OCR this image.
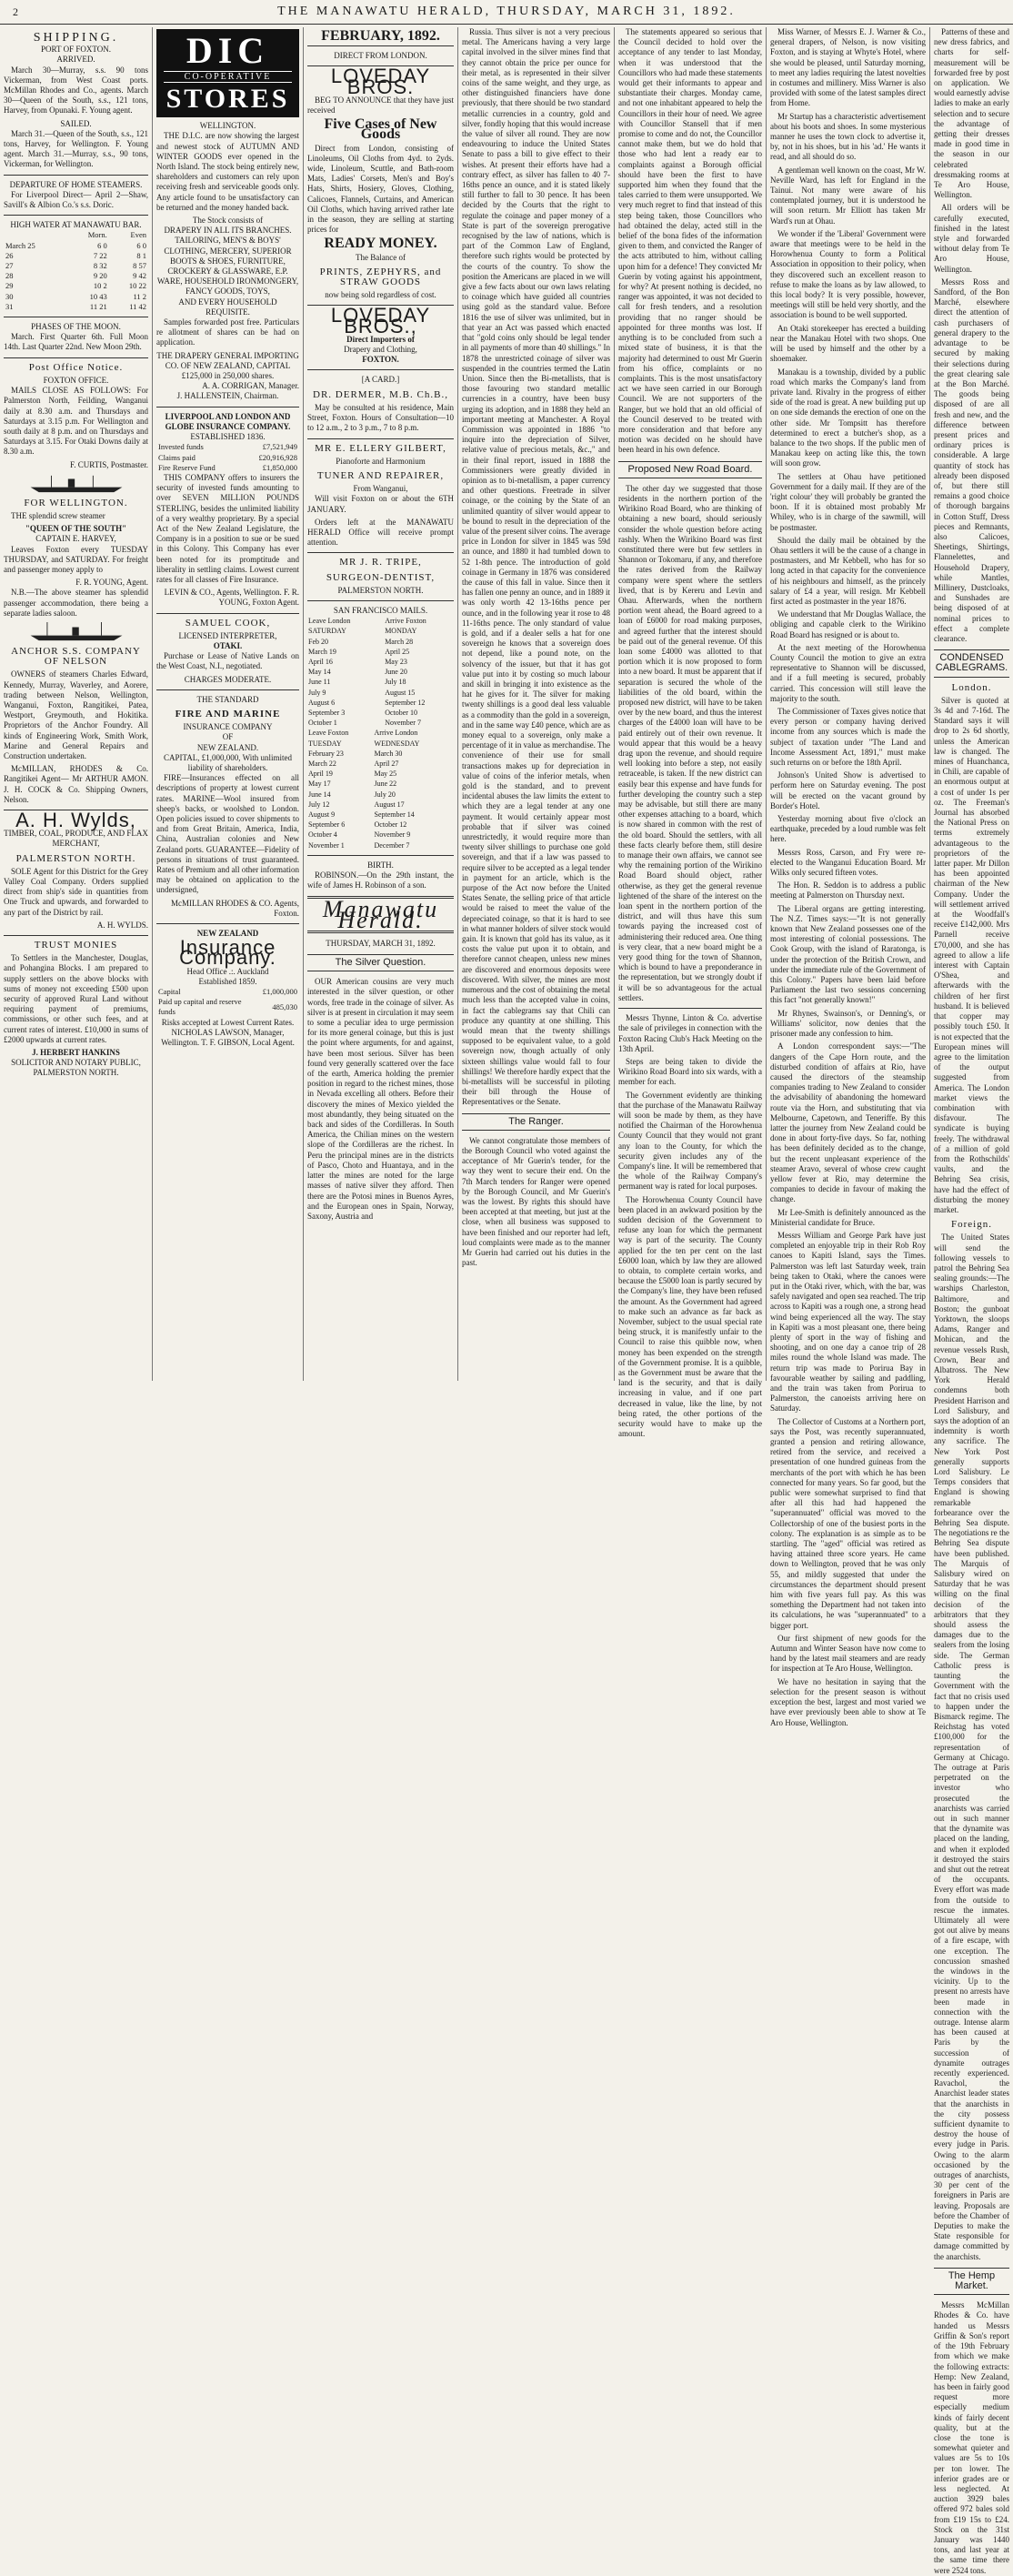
2	THE MANAWATU HERALD, THURSDAY, MARCH 31, 1892.
SHIPPING.
PORT OF FOXTON.
ARRIVED.

March 30—Murray, s.s. 90 tons Vickerman, from West Coast ports. McMillan Rhodes and Co., agents. March 30—Queen of the South, s.s., 121 tons, Harvey, from Opunaki. F. Young agent.

SAILED.

March 31.—Queen of the South, s.s., 121 tons, Harvey, for Wellington. F. Young agent. March 31.—Murray, s.s., 90 tons, Vickerman, for Wellington.

DEPARTURE OF HOME STEAMERS.

For Liverpool Direct— April 2—Shaw, Savill's & Albion Co.'s s.s. Doric.

HIGH WATER AT MANAWATU BAR.
	Morn.	Even
March 25	6 0	6 0
26	7 22	8 1
27	8 32	8 57
28	9 20	9 42
29	10 2	10 22
30	10 43	11 2
31	11 21	11 42
PHASES OF THE MOON.

March. First Quarter 6th. Full Moon 14th. Last Quarter 22nd. New Moon 29th.

Post Office Notice.
FOXTON OFFICE.

MAILS CLOSE AS FOLLOWS: For Palmerston North, Feilding, Wanganui daily at 8.30 a.m. and Thursdays and Saturdays at 3.15 p.m. For Wellington and south daily at 8 p.m. and on Thursdays and Saturdays at 3.15. For Otaki Downs daily at 8.30 a.m.

F. CURTIS, Postmaster.
FOR WELLINGTON.

THE splendid screw steamer

"QUEEN OF THE SOUTH"
CAPTAIN E. HARVEY,

Leaves Foxton every TUESDAY THURSDAY, and SATURDAY. For freight and passenger money apply to

F. R. YOUNG, Agent.

N.B.—The above steamer has splendid passenger accommodation, there being a separate ladies saloon.

ANCHOR S.S. COMPANY OF NELSON

OWNERS of steamers Charles Edward, Kennedy, Murray, Waverley, and Aorere, trading between Nelson, Wellington, Wanganui, Foxton, Rangitikei, Patea, Westport, Greymouth, and Hokitika. Proprietors of the Anchor Foundry. All kinds of Engineering Work, Smith Work, Marine and General Repairs and Construction undertaken.

McMILLAN, RHODES & Co. Rangitikei Agent— Mr ARTHUR AMON. J. H. COCK & Co. Shipping Owners, Nelson.

A. H. Wylds,
TIMBER, COAL, PRODUCE, AND FLAX MERCHANT,
PALMERSTON NORTH.

SOLE Agent for this District for the Grey Valley Coal Company. Orders supplied direct from ship's side in quantities from One Truck and upwards, and forwarded to any part of the District by rail.

A. H. WYLDS.
TRUST MONIES

To Settlers in the Manchester, Douglas, and Pohangina Blocks. I am prepared to supply settlers on the above blocks with sums of money not exceeding £500 upon security of approved Rural Land without requiring payment of premiums, commissions, or other such fees, and at current rates of interest. £10,000 in sums of £2000 upwards at current rates.

J. HERBERT HANKINS
SOLICITOR AND NOTARY PUBLIC,
PALMERSTON NORTH.
DIC
CO-OPERATIVE
STORES
WELLINGTON.

THE D.I.C. are now showing the largest and newest stock of AUTUMN AND WINTER GOODS ever opened in the North Island. The stock being entirely new, shareholders and customers can rely upon receiving fresh and serviceable goods only. Any article found to be unsatisfactory can be returned and the money handed back.

The Stock consists of
DRAPERY IN ALL ITS BRANCHES. TAILORING, MEN'S & BOYS' CLOTHING, MERCERY, SUPERIOR BOOTS & SHOES, FURNITURE, CROCKERY & GLASSWARE, E.P. WARE, HOUSEHOLD IRONMONGERY, FANCY GOODS, TOYS,
AND EVERY HOUSEHOLD REQUISITE.

Samples forwarded post free. Particulars re allotment of shares can be had on application.

THE DRAPERY GENERAL IMPORTING CO. OF NEW ZEALAND, CAPITAL £125,000 in 250,000 shares.
A. A. CORRIGAN, Manager.
J. HALLENSTEIN, Chairman.
LIVERPOOL AND LONDON AND GLOBE INSURANCE COMPANY.
ESTABLISHED 1836.
Invested funds	£7,521,949
Claims paid	£20,916,928
Fire Reserve Fund	£1,850,000

THIS COMPANY offers to insurers the security of invested funds amounting to over SEVEN MILLION POUNDS STERLING, besides the unlimited liability of a very wealthy proprietary. By a special Act of the New Zealand Legislature, the Company is in a position to sue or be sued in this Colony. This Company has ever been noted for its promptitude and liberality in settling claims. Lowest current rates for all classes of Fire Insurance.

LEVIN & CO., Agents, Wellington. F. R. YOUNG, Foxton Agent.
SAMUEL COOK,
LICENSED INTERPRETER,
OTAKI.

Purchase or Lease of Native Lands on the West Coast, N.I., negotiated.

CHARGES MODERATE.
THE STANDARD
FIRE AND MARINE
INSURANCE COMPANY
OF
NEW ZEALAND.
CAPITAL, £1,000,000, With unlimited liability of shareholders.

FIRE—Insurances effected on all descriptions of property at lowest current rates. MARINE—Wool insured from sheep's backs, or woolshed to London. Open policies issued to cover shipments to and from Great Britain, America, India, China, Australian colonies and New Zealand ports. GUARANTEE—Fidelity of persons in situations of trust guaranteed. Rates of Premium and all other information may be obtained on application to the undersigned,

McMILLAN RHODES & CO. Agents, Foxton.
NEW ZEALAND
Insurance Company.
Head Office .:. Auckland
Established 1859.
Capital	£1,000,000
Paid up capital and reserve funds	485,030
Risks accepted at Lowest Current Rates.
NICHOLAS LAWSON, Manager, Wellington. T. F. GIBSON, Local Agent.
FEBRUARY, 1892.
DIRECT FROM LONDON.
LOVEDAY BROS.

BEG TO ANNOUNCE that they have just received

Five Cases of New Goods

Direct from London, consisting of Linoleums, Oil Cloths from 4yd. to 2yds. wide, Linoleum, Scuttle, and Bath-room Mats, Ladies' Corsets, Men's and Boy's Hats, Shirts, Hosiery, Gloves, Clothing, Calicoes, Flannels, Curtains, and American Oil Cloths, which having arrived rather late in the season, they are selling at starting prices for

READY MONEY.
The Balance of
PRINTS, ZEPHYRS, and STRAW GOODS
now being sold regardless of cost.
LOVEDAY BROS.,
Direct Importers of
Drapery and Clothing,
FOXTON.
[A CARD.]
DR. DERMER, M.B. Ch.B.,

May be consulted at his residence, Main Street, Foxton. Hours of Consultation—10 to 12 a.m., 2 to 3 p.m., 7 to 8 p.m.

MR E. ELLERY GILBERT,
Pianoforte and Harmonium
TUNER AND REPAIRER,
From Wanganui,

Will visit Foxton on or about the 6TH JANUARY.

Orders left at the MANAWATU HERALD Office will receive prompt attention.

MR J. R. TRIPE,
SURGEON-DENTIST,
PALMERSTON NORTH.
SAN FRANCISCO MAILS.
Leave London SATURDAY	Arrive Foxton MONDAY
Feb 20	March 28
March 19	April 25
April 16	May 23
May 14	June 20
June 11	July 18
July 9	August 15
August 6	September 12
September 3	October 10
October 1	November 7
Leave Foxton TUESDAY	Arrive London WEDNESDAY
February 23	March 30
March 22	April 27
April 19	May 25
May 17	June 22
June 14	July 20
July 12	August 17
August 9	September 14
September 6	October 12
October 4	November 9
November 1	December 7
BIRTH.

ROBINSON.—On the 29th instant, the wife of James H. Robinson of a son.

Manawatu Herald.
THURSDAY, MARCH 31, 1892.
The Silver Question.

OUR American cousins are very much interested in the silver question, or other words, free trade in the coinage of silver. As silver is at present in circulation it may seem to some a peculiar idea to urge permission for its more general coinage, but this is just the point where arguments, for and against, have been most serious. Silver has been found very generally scattered over the face of the earth, America holding the premier position in regard to the richest mines, those in Nevada excelling all others. Before their discovery the mines of Mexico yielded the most abundantly, they being situated on the back and sides of the Cordilleras. In South America, the Chilian mines on the western slope of the Cordilleras are the richest. In Peru the principal mines are in the districts of Pasco, Choto and Huantaya, and in the latter the mines are noted for the large masses of native silver they afford. Then there are the Potosi mines in Buenos Ayres, and the European ones in Spain, Norway, Saxony, Austria and

Russia. Thus silver is not a very precious metal. The Americans having a very large capital involved in the silver mines find that they cannot obtain the price per ounce for their metal, as is represented in their silver coins of the same weight, and they urge, as other distinguished financiers have done previously, that there should be two standard metallic currencies in a country, gold and silver, fondly hoping that this would increase the value of silver all round. They are now endeavouring to induce the United States Senate to pass a bill to give effect to their wishes. At present their efforts have had a contrary effect, as silver has fallen to 40 7-16ths pence an ounce, and it is stated likely still further to fall to 30 pence. It has been decided by the Courts that the right to regulate the coinage and paper money of a State is part of the sovereign prerogative recognised by the law of nations, which is part of the Common Law of England, therefore such rights would be protected by the courts of the country. To show the position the Americans are placed in we will give a few facts about our own laws relating to coinage which have guided all countries using gold as the standard value. Before 1816 the use of silver was unlimited, but in that year an Act was passed which enacted that "gold coins only should be legal tender in all payments of more than 40 shillings." In 1878 the unrestricted coinage of silver was suspended in the countries termed the Latin Union. Since then the Bi-metallists, that is those favouring two standard metallic currencies in a country, have been busy urging its adoption, and in 1888 they held an important meeting at Manchester. A Royal Commission was appointed in 1886 "to inquire into the depreciation of Silver, relative value of precious metals, &c.," and in their final report, issued in 1888 the Commissioners were greatly divided in opinion as to bi-metallism, a paper currency and other questions. Freetrade in silver coinage, or the coining by the State of an unlimited quantity of silver would appear to be bound to result in the depreciation of the value of the present silver coins. The average price in London for silver in 1845 was 59d an ounce, and 1880 it had tumbled down to 52 1-8th pence. The introduction of gold coinage in Germany in 1876 was considered the cause of this fall in value. Since then it has fallen one penny an ounce, and in 1889 it was only worth 42 13-16ths pence per ounce, and in the following year it rose to 48 11-16ths pence. The only standard of value is gold, and if a dealer sells a hat for one sovereign he knows that a sovereign does not depend, like a pound note, on the solvency of the issuer, but that it has got value put into it by costing so much labour and skill in bringing it into existence as the hat he gives for it. The silver for making twenty shillings is a good deal less valuable as a commodity than the gold in a sovereign, and in the same way £40 pence, which are as money equal to a sovereign, only make a percentage of it in value as merchandise. The convenience of their use for small transactions makes up for depreciation in value of coins of the inferior metals, when gold is the standard, and to prevent incidental abuses the law limits the extent to which they are a legal tender at any one payment. It would certainly appear most probable that if silver was coined unrestrictedly, it would require more than twenty silver shillings to purchase one gold sovereign, and that if a law was passed to require silver to be accepted as a legal tender in payment for an article, which is the purpose of the Act now before the United States Senate, the selling price of that article would be raised to meet the value of the depreciated coinage, so that it is hard to see in what manner holders of silver stock would gain. It is known that gold has its value, as it costs the value put upon it to obtain, and therefore cannot cheapen, unless new mines are discovered and enormous deposits were discovered. With silver, the mines are most numerous and the cost of obtaining the metal much less than the accepted value in coins, in fact the cablegrams say that Chili can produce any quantity at one shilling. This would mean that the twenty shillings supposed to be equivalent value, to a gold sovereign now, though actually of only sixteen shillings value would fall to four shillings! We therefore hardly expect that the bi-metallists will be successful in piloting their bill through the House of Representatives or the Senate.

The Ranger.

We cannot congratulate those members of the Borough Council who voted against the acceptance of Mr Guerin's tender, for the way they went to secure their end. On the 7th March tenders for Ranger were opened by the Borough Council, and Mr Guerin's was the lowest. By rights this should have been accepted at that meeting, but just at the close, when all business was supposed to have been finished and our reporter had left, loud complaints were made as to the manner Mr Guerin had carried out his duties in the past.

The statements appeared so serious that the Council decided to hold over the acceptance of any tender to last Monday, when it was understood that the Councillors who had made these statements would get their informants to appear and substantiate their charges. Monday came, and not one inhabitant appeared to help the Councillors in their hour of need. We agree with Councillor Stansell that if men promise to come and do not, the Councillor cannot make them, but we do hold that those who had lent a ready ear to complaints against a Borough official should have been the first to have supported him when they found that the tales carried to them were unsupported. We very much regret to find that instead of this step being taken, those Councillors who had obtained the delay, acted still in the belief of the bona fides of the information given to them, and convicted the Ranger of the acts attributed to him, without calling upon him for a defence! They convicted Mr Guerin by voting against his appointment, for why? At present nothing is decided, no ranger was appointed, it was not decided to call for fresh tenders, and a resolution providing that no ranger should be appointed for three months was lost. If anything is to be concluded from such a mixed state of business, it is that the majority had determined to oust Mr Guerin from his office, complaints or no complaints. This is the most unsatisfactory act we have seen carried in our Borough Council. We are not supporters of the Ranger, but we hold that an old official of the Council deserved to be treated with more consideration and that before any motion was decided on he should have been heard in his own defence.

Proposed New Road Board.

The other day we suggested that those residents in the northern portion of the Wirikino Road Board, who are thinking of obtaining a new board, should seriously consider the whole question before acting rashly. When the Wirikino Board was first constituted there were but few settlers in Shannon or Tokomaru, if any, and therefore the rates derived from the Railway company were spent where the settlers lived, that is by Kereru and Levin and Ohau. Afterwards, when the northern portion went ahead, the Board agreed to a loan of £6000 for road making purposes, and agreed further that the interest should be paid out of the general revenue. Of this loan some £4000 was allotted to that portion which it is now proposed to form into a new board. It must be apparent that if separation is secured the whole of the liabilities of the old board, within the proposed new district, will have to be taken over by the new board, and thus the interest charges of the £4000 loan will have to be paid entirely out of their own revenue. It would appear that this would be a heavy drag upon the revenue, and should require well looking into before a step, not easily retraceable, is taken. If the new district can easily bear this expense and have funds for further developing the country such a step may be advisable, but still there are many other expenses attaching to a board, which is now shared in common with the rest of the old board. Should the settlers, with all these facts clearly before them, still desire to manage their own affairs, we cannot see why the remaining portion of the Wirikino Road Board should object, rather otherwise, as they get the general revenue lightened of the share of the interest on the loan spent in the northern portion of the district, and will thus have this sum towards paying the increased cost of administering their reduced area. One thing is very clear, that a new board might be a very good thing for the town of Shannon, which is bound to have a preponderance in the representation, but we strongly doubt if it will be so advantageous for the actual settlers.

Messrs Thynne, Linton & Co. advertise the sale of privileges in connection with the Foxton Racing Club's Hack Meeting on the 13th April.

Steps are being taken to divide the Wirikino Road Board into six wards, with a member for each.

The Government evidently are thinking that the purchase of the Manawatu Railway will soon be made by them, as they have notified the Chairman of the Horowhenua County Council that they would not grant any loan to the County, for which the security given includes any of the Company's line. It will be remembered that the whole of the Railway Company's permanent way is rated for local purposes.

The Horowhenua County Council have been placed in an awkward position by the sudden decision of the Government to refuse any loan for which the permanent way is part of the security. The County applied for the ten per cent on the last £6000 loan, which by law they are allowed to obtain, to complete certain works, and because the £5000 loan is partly secured by the Company's line, they have been refused the amount. As the Government had agreed to make such an advance as far back as November, subject to the usual special rate being struck, it is manifestly unfair to the Council to raise this quibble now, when money has been expended on the strength of the Government promise. It is a quibble, as the Government must be aware that the land is the security, and that is daily increasing in value, and if one part decreased in value, like the line, by not being rated, the other portions of the security would have to make up the amount.

Miss Warner, of Messrs E. J. Warner & Co., general drapers, of Nelson, is now visiting Foxton, and is staying at Whyte's Hotel, where she would be pleased, until Saturday morning, to meet any ladies requiring the latest novelties in costumes and millinery. Miss Warner is also provided with some of the latest samples direct from Home.

Mr Startup has a characteristic advertisement about his boots and shoes. In some mysterious manner he uses the town clock to advertise it, by, not in his shoes, but in his 'ad.' He wants it read, and all should do so.

A gentleman well known on the coast, Mr W. Neville Ward, has left for England in the Tainui. Not many were aware of his contemplated journey, but it is understood he will soon return. Mr Elliott has taken Mr Ward's run at Ohau.

We wonder if the 'Liberal' Government were aware that meetings were to be held in the Horowhenua County to form a Political Association in opposition to their policy, when they discovered such an excellent reason to refuse to make the loans as by law allowed, to this local body? It is very possible, however, meetings will still be held very shortly, and the association is bound to be well supported.

An Otaki storekeeper has erected a building near the Manakau Hotel with two shops. One will be used by himself and the other by a shoemaker.

Manakau is a township, divided by a public road which marks the Company's land from private land. Rivalry in the progress of either side of the road is great. A new building put up on one side demands the erection of one on the other side. Mr Tompsitt has therefore determined to erect a butcher's shop, as a balance to the two shops. If the public men of Manakau keep on acting like this, the town will soon grow.

The settlers at Ohau have petitioned Government for a daily mail. If they are of the 'right colour' they will probably be granted the boon. If it is obtained most probably Mr Whiley, who is in charge of the sawmill, will be postmaster.

Should the daily mail be obtained by the Ohau settlers it will be the cause of a change in postmasters, and Mr Kebbell, who has for so long acted in that capacity for the convenience of his neighbours and himself, as the princely salary of £4 a year, will resign. Mr Kebbell first acted as postmaster in the year 1876.

We understand that Mr Douglas Wallace, the obliging and capable clerk to the Wirikino Road Board has resigned or is about to.

At the next meeting of the Horowhenua County Council the motion to give an extra representative to Shannon will be discussed, and if a full meeting is secured, probably carried. This concession will still leave the majority to the south.

The Commissioner of Taxes gives notice that every person or company having derived income from any sources which is made the subject of taxation under "The Land and Income Assessment Act, 1891," must make such returns on or before the 18th April.

Johnson's United Show is advertised to perform here on Saturday evening. The post will be erected on the vacant ground by Border's Hotel.

Yesterday morning about five o'clock an earthquake, preceded by a loud rumble was felt here.

Messrs Ross, Carson, and Fry were re-elected to the Wanganui Education Board. Mr Wilks only secured fifteen votes.

The Hon. R. Seddon is to address a public meeting at Palmerston on Thursday next.

The Liberal organs are getting interesting. The N.Z. Times says:—"It is not generally known that New Zealand possesses one of the most interesting of colonial possessions. The Cook Group, with the island of Raratonga, is under the protection of the British Crown, and under the immediate rule of the Government of this Colony." Papers have been laid before Parliament the last two sessions concerning this fact "not generally known!"

Mr Rhynes, Swainson's, or Denning's, or Williams' solicitor, now denies that the prisoner made any confession to him.

A London correspondent says:—"The dangers of the Cape Horn route, and the disturbed condition of affairs at Rio, have caused the directors of the steamship companies trading to New Zealand to consider the advisability of abandoning the homeward route via the Horn, and substituting that via Melbourne, Capetown, and Teneriffe. By this latter the journey from New Zealand could be done in about forty-five days. So far, nothing has been definitely decided as to the change, but the recent unpleasant experience of the steamer Aravo, several of whose crew caught yellow fever at Rio, may determine the companies to decide in favour of making the change.

Mr Lee-Smith is definitely announced as the Ministerial candidate for Bruce.

Messrs William and George Park have just completed an enjoyable trip in their Rob Roy canoes to Kapiti Island, says the Times. Palmerston was left last Saturday week, train being taken to Otaki, where the canoes were put in the Otaki river, which, with the bar, was safely navigated and open sea reached. The trip across to Kapiti was a rough one, a strong head wind being experienced all the way. The stay in Kapiti was a most pleasant one, there being plenty of sport in the way of fishing and shooting, and on one day a canoe trip of 28 miles round the whole Island was made. The return trip was made to Porirua Bay in favourable weather by sailing and paddling, and the train was taken from Porirua to Palmerston, the canoeists arriving here on Saturday.

The Collector of Customs at a Northern port, says the Post, was recently superannuated, granted a pension and retiring allowance, retired from the service, and received a presentation of one hundred guineas from the merchants of the port with which he has been connected for many years. So far good, but the public were somewhat surprised to find that after all this had had happened the "superannuated" official was moved to the Collectorship of one of the busiest ports in the colony. The explanation is as simple as to be startling. The "aged" official was retired as having attained three score years. He came down to Wellington, proved that he was only 55, and mildly suggested that under the circumstances the department should present him with five years full pay. As this was something the Department had not taken into its calculations, he was "superannuated" to a bigger port.

Our first shipment of new goods for the Autumn and Winter Season have now come to hand by the latest mail steamers and are ready for inspection at Te Aro House, Wellington.

We have no hesitation in saying that the selection for the present season is without exception the best, largest and most varied we have ever previously been able to show at Te Aro House, Wellington.

Patterns of these and new dress fabrics, and charts for self-measurement will be forwarded free by post on application. We would earnestly advise ladies to make an early selection and to secure the advantage of getting their dresses made in good time in the season in our celebrated dressmaking rooms at Te Aro House, Wellington.

All orders will be carefully executed, finished in the latest style and forwarded without delay from Te Aro House, Wellington.

Messrs Ross and Sandford, of the Bon Marché, elsewhere direct the attention of cash purchasers of general drapery to the advantage to be secured by making their selections during the great clearing sale at the Bon Marché. The goods being disposed of are all fresh and new, and the difference between present prices and ordinary prices is considerable. A large quantity of stock has already been disposed of, but there still remains a good choice of thorough bargains in Cotton Stuff, Dress pieces and Remnants, also Calicoes, Sheetings, Shirtings, Flannelettes, and Household Drapery, while Mantles, Millinery, Dustcloaks, and Sunshades are being disposed of at nominal prices to effect a complete clearance.

CONDENSED CABLEGRAMS.
London.

Silver is quoted at 3s 4d and 7-16d. The Standard says it will drop to 2s 6d shortly, unless the American law is changed. The mines of Huanchanca, in Chili, are capable of an enormous output at a cost of under 1s per oz. The Freeman's Journal has absorbed the National Press on terms extremely advantageous to the proprietors of the latter paper. Mr Dillon has been appointed chairman of the New Company. Under the will settlement arrived at the Woodfall's receive £142,000. Mrs Parnell receive £70,000, and she has agreed to allow a life interest with Captain O'Shea, and afterwards with the children of her first husband. It is believed that copper may possibly touch £50. It is not expected that the European mines will agree to the limitation of the output suggested from America. The London market views the combination with disfavour. The syndicate is buying freely. The withdrawal of a million of gold from the Rothschilds' vaults, and the Behring Sea crisis, have had the effect of disturbing the money market.

Foreign.

The United States will send the following vessels to patrol the Behring Sea sealing grounds:—The warships Charleston, Baltimore, and Boston; the gunboat Yorktown, the sloops Adams, Ranger and Mohican, and the revenue vessels Rush, Crown, Bear and Albatross. The New York Herald condemns both President Harrison and Lord Salisbury, and says the adoption of an indemnity is worth any sacrifice. The New York Post generally supports Lord Salisbury. Le Temps considers that England is showing remarkable forbearance over the Behring Sea dispute. The negotiations re the Behring Sea dispute have been published. The Marquis of Salisbury wired on Saturday that he was willing on the final decision of the arbitrators that they should assess the damages due to the sealers from the losing side. The German Catholic press is taunting the Government with the fact that no crisis used to happen under the Bismarck regime. The Reichstag has voted £100,000 for the representation of Germany at Chicago. The outrage at Paris perpetrated on the investor who prosecuted the anarchists was carried out in such manner that the dynamite was placed on the landing, and when it exploded it destroyed the stairs and shut out the retreat of the occupants. Every effort was made from the outside to rescue the inmates. Ultimately all were got out alive by means of a fire escape, with one exception. The concussion smashed the windows in the vicinity. Up to the present no arrests have been made in connection with the outrage. Intense alarm has been caused at Paris by the succession of dynamite outrages recently experienced. Ravachol, the Anarchist leader states that the anarchists in the city possess sufficient dynamite to destroy the house of every judge in Paris. Owing to the alarm occasioned by the outrages of anarchists, 30 per cent of the foreigners in Paris are leaving. Proposals are before the Chamber of Deputies to make the State responsible for damage committed by the anarchists.

The Hemp Market.

Messrs McMillan Rhodes & Co. have handed us Messrs Griffin & Son's report of the 19th February from which we make the following extracts: Hemp: New Zealand, has been in fairly good request more especially medium kinds of fairly decent quality, but at the close the tone is somewhat quieter and values are 5s to 10s per ton lower. The inferior grades are or less neglected. At auction 3929 bales offered 972 bales sold from £19 15s to £24. Stock on the 31st January was 1440 tons, and last year at the same time there were 2524 tons.
